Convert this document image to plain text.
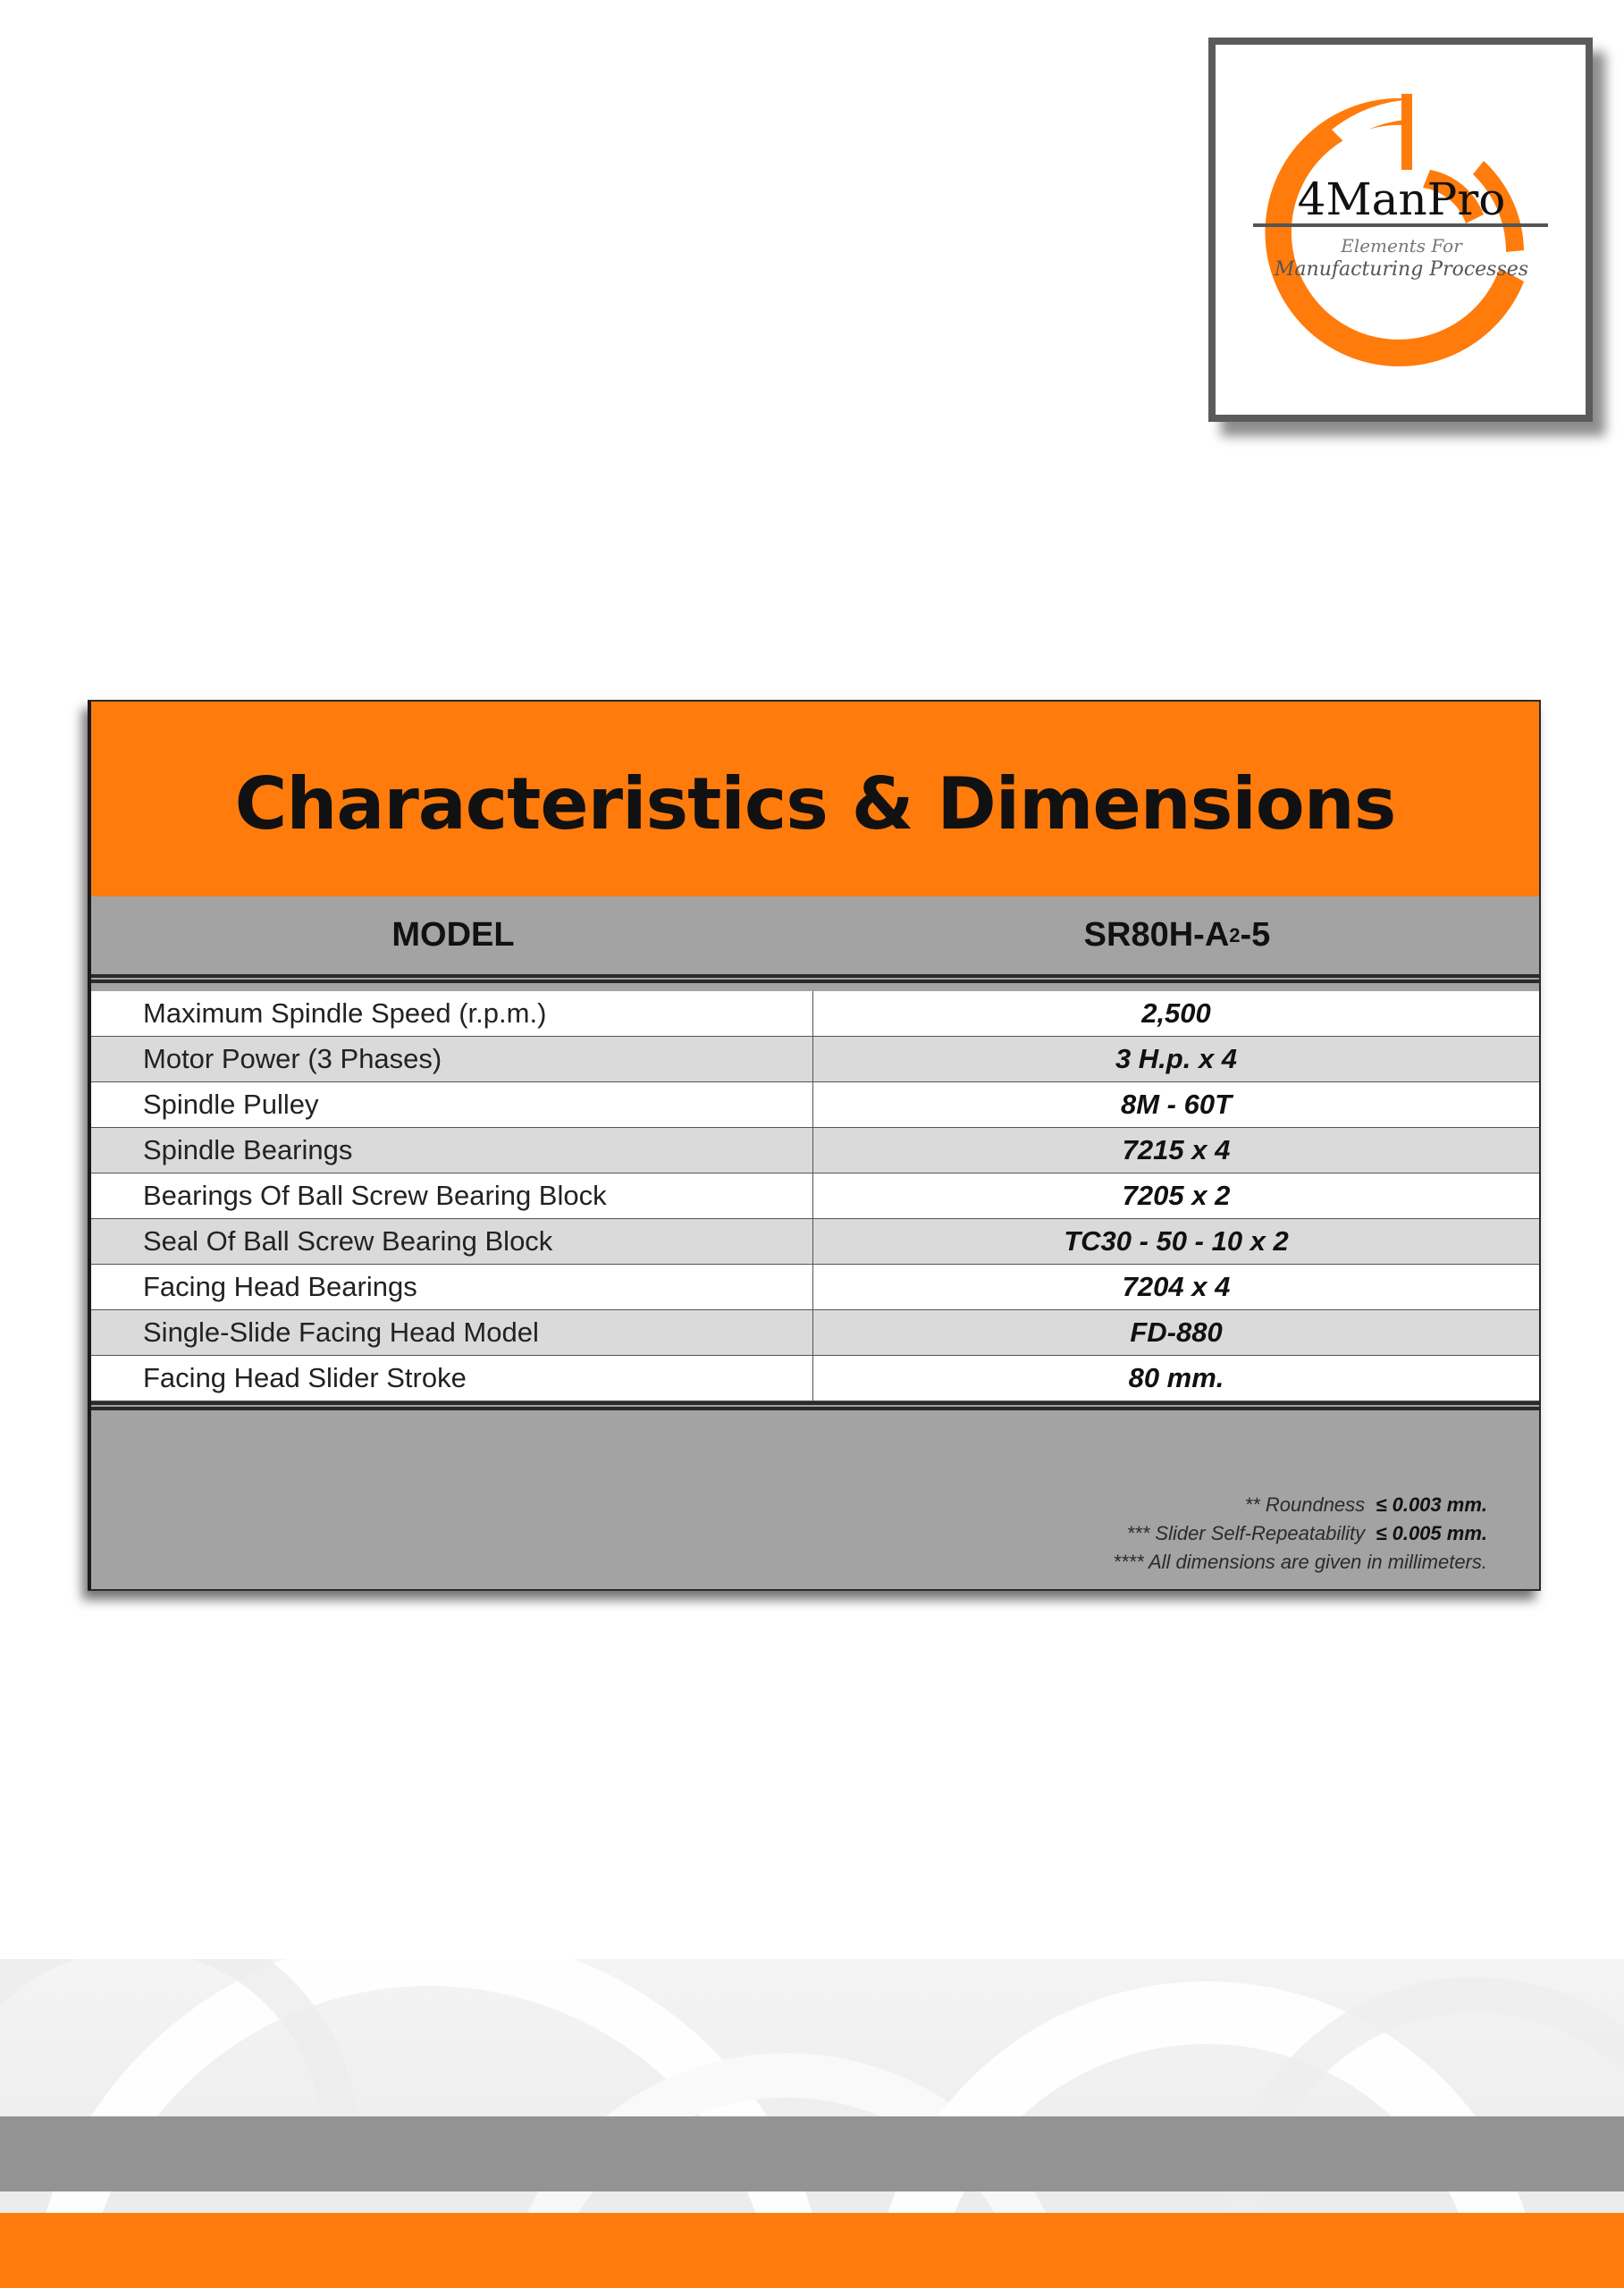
4ManPro
Elements For
Manufacturing Processes
Characteristics & Dimensions
MODEL	SR80H-A 2 -5
Maximum Spindle Speed (r.p.m.)	2,500
Motor Power (3 Phases)	3 H.p. x 4
Spindle Pulley	8M - 60T
Spindle Bearings	7215 x 4
Bearings Of Ball Screw Bearing Block	7205 x 2
Seal Of Ball Screw Bearing Block	TC30 - 50 - 10 x 2
Facing Head Bearings	7204 x 4
Single-Slide Facing Head Model	FD-880
Facing Head Slider Stroke	80 mm.
** Roundness ≤ 0.003 mm.
*** Slider Self-Repeatability ≤ 0.005 mm.
**** All dimensions are given in millimeters.
